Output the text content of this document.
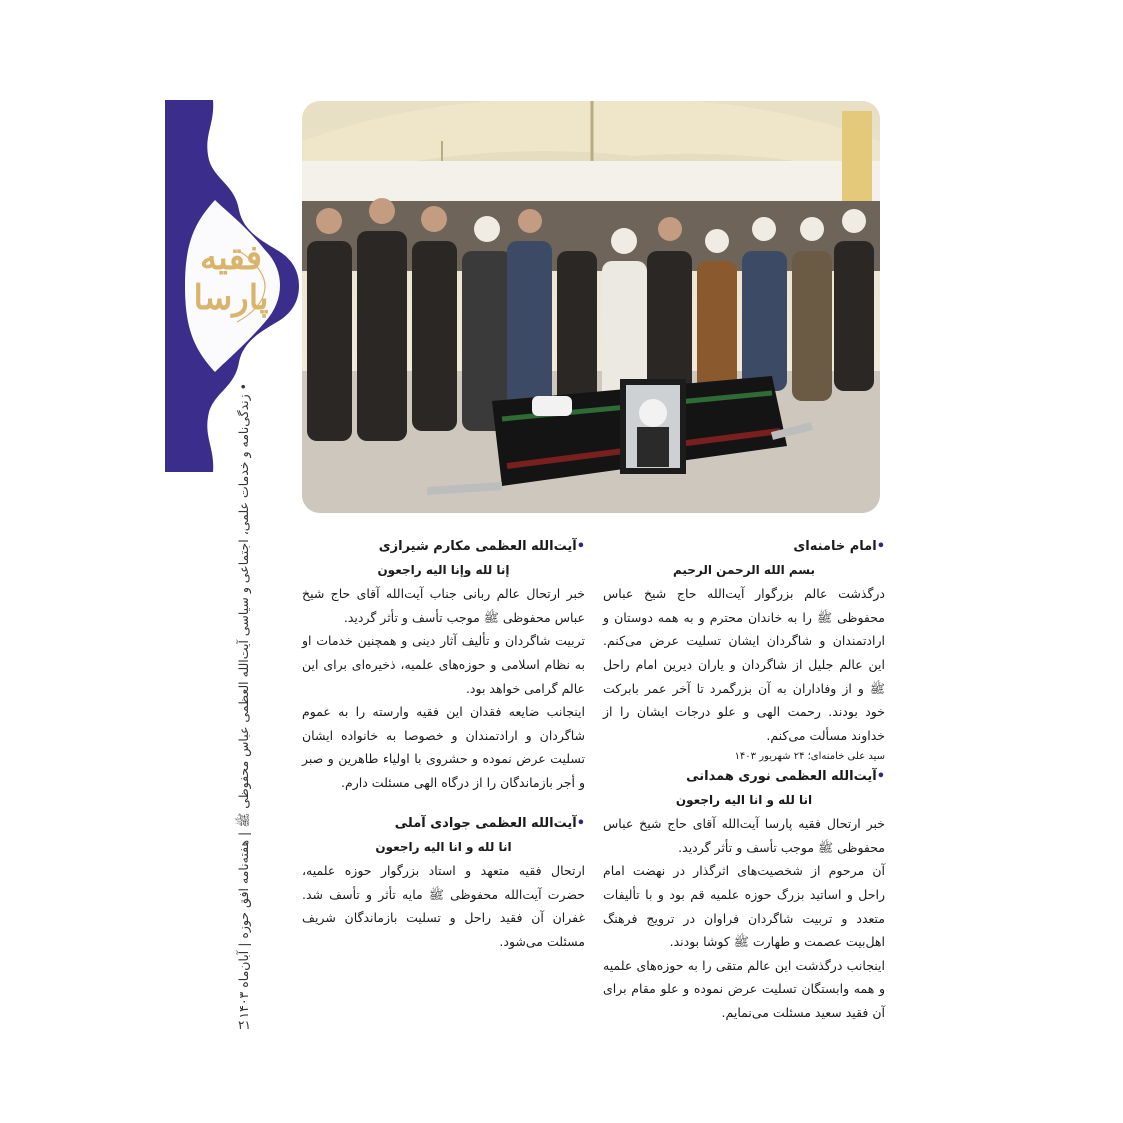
فقیه پارسا
• زندگی‌نامه و خدمات علمی، اجتماعی و سیاسی آیت‌الله العظمی عباس محفوظی ﷺ | هفته‌نامه افق حوزه | آبان‌ماه ۱۴۰۳
۲۱

•امام خامنه‌ای

بسم الله الرحمن الرحیم

درگذشت عالم بزرگوار آیت‌الله حاج شیخ عباس محفوظی ﷺ را به خاندان محترم و به همه دوستان و ارادتمندان و شاگردان ایشان تسلیت عرض می‌کنم. این عالم جلیل از شاگردان و یاران دیرین امام راحل ﷺ و از وفاداران به آن بزرگمرد تا آخر عمر بابرکت خود بودند. رحمت الهی و علو درجات ایشان را از خداوند مسألت می‌کنم.

سید علی خامنه‌ای؛ ۲۴ شهریور ۱۴۰۳

•آیت‌الله العظمی نوری همدانی

انا لله و انا الیه راجعون

خبر ارتحال فقیه پارسا آیت‌الله آقای حاج شیخ عباس محفوظی ﷺ موجب تأسف و تأثر گردید.

آن مرحوم از شخصیت‌های اثرگذار در نهضت امام راحل و اساتید بزرگ حوزه علمیه قم بود و با تألیفات متعدد و تربیت شاگردان فراوان در ترویج فرهنگ اهل‌بیت عصمت و طهارت ﷺ کوشا بودند.

اینجانب درگذشت این عالم متقی را به حوزه‌های علمیه و همه وابستگان تسلیت عرض نموده و علو مقام برای آن فقید سعید مسئلت می‌نمایم.

•آیت‌الله العظمی مکارم شیرازی

إنا لله وإنا الیه راجعون

خبر ارتحال عالم ربانی جناب آیت‌الله آقای حاج شیخ عباس محفوظی ﷺ موجب تأسف و تأثر گردید.

تربیت شاگردان و تألیف آثار دینی و همچنین خدمات او به نظام اسلامی و حوزه‌های علمیه، ذخیره‌ای برای این عالم گرامی خواهد بود.

اینجانب ضایعه فقدان این فقیه وارسته را به عموم شاگردان و ارادتمندان و خصوصا به خانواده ایشان تسلیت عرض نموده و حشروی با اولیاء طاهرین و صبر و أجر بازماندگان را از درگاه الهی مسئلت دارم.

•آیت‌الله العظمی جوادی آملی

انا لله و انا الیه راجعون

ارتحال فقیه متعهد و استاد بزرگوار حوزه علمیه، حضرت آیت‌الله محفوظی ﷺ مایه تأثر و تأسف شد. غفران آن فقید راحل و تسلیت بازماندگان شریف مسئلت می‌شود.
